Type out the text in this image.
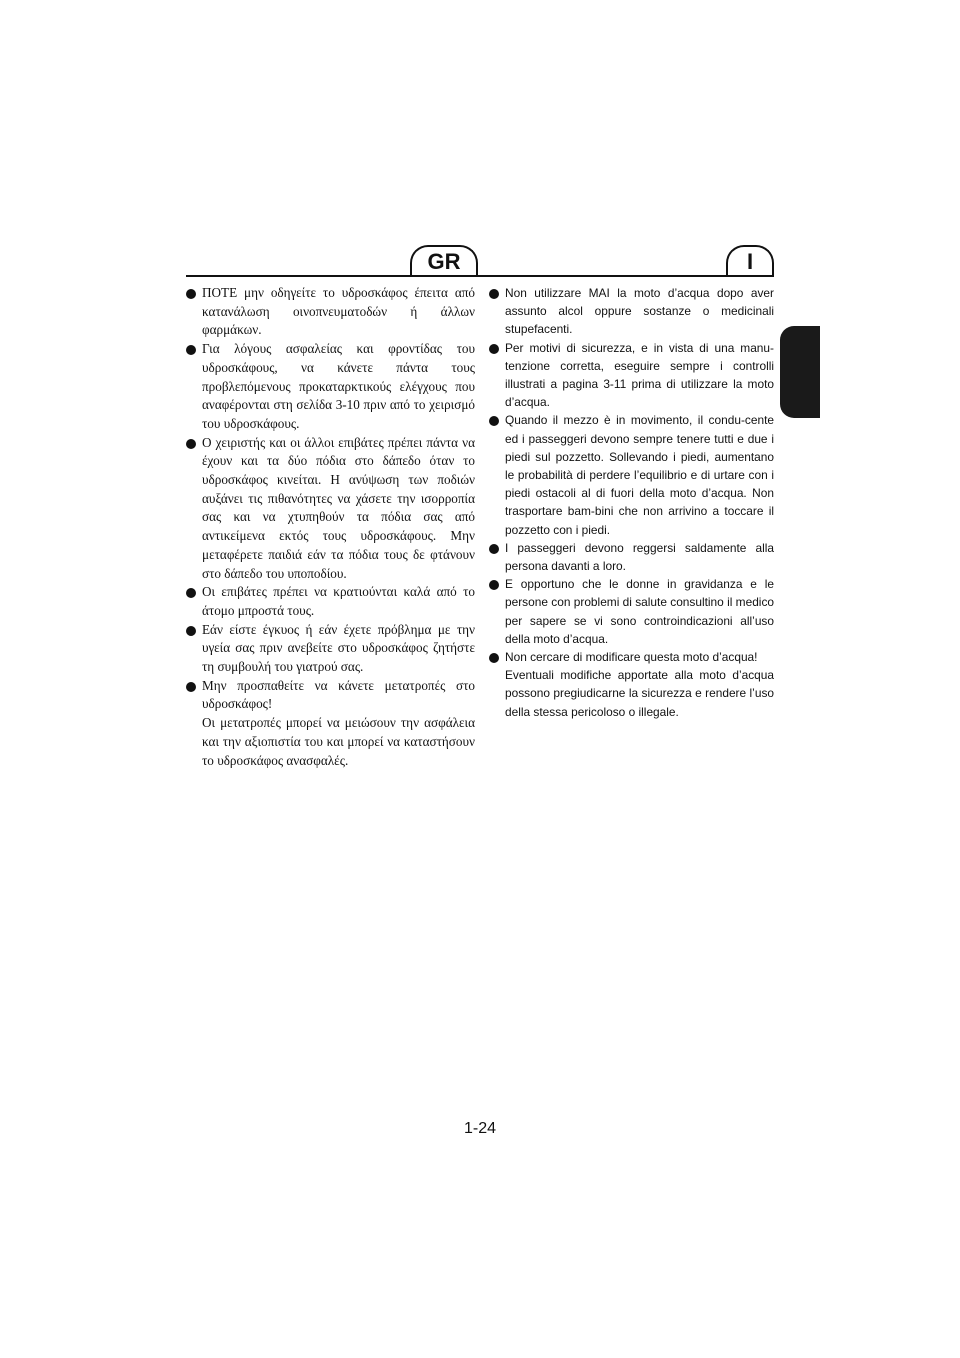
GR	I

ΠΟΤΕ μην οδηγείτε το υδροσκάφος έπειτα από κατανάλωση οινοπνευματοδών ή άλλων φαρμάκων.

Για λόγους ασφαλείας και φροντίδας του υδροσκάφους, να κάνετε πάντα τους προβλεπόμενους προκαταρκτικούς ελέγχους που αναφέρονται στη σελίδα 3-10 πριν από το χειρισμό του υδροσκάφους.

Ο χειριστής και οι άλλοι επιβάτες πρέπει πάντα να έχουν και τα δύο πόδια στο δάπεδο όταν το υδροσκάφος κινείται. Η ανύψωση των ποδιών αυξάνει τις πιθανότητες να χάσετε την ισορροπία σας και να χτυπηθούν τα πόδια σας από αντικείμενα εκτός τους υδροσκάφους. Μην μεταφέρετε παιδιά εάν τα πόδια τους δε φτάνουν στο δάπεδο του υποποδίου.

Οι επιβάτες πρέπει να κρατιούνται καλά από το άτομο μπροστά τους.

Εάν είστε έγκυος ή εάν έχετε πρόβλημα με την υγεία σας πριν ανεβείτε στο υδροσκάφος ζητήστε τη συμβουλή του γιατρού σας.

Μην προσπαθείτε να κάνετε μετατροπές στο υδροσκάφος!

Οι μετατροπές μπορεί να μειώσουν την ασφάλεια και την αξιοπιστία του και μπορεί να καταστήσουν το υδροσκάφος ανασφαλές.

Non utilizzare MAI la moto d’acqua dopo aver assunto alcol oppure sostanze o medicinali stupefacenti.

Per motivi di sicurezza, e in vista di una manu-tenzione corretta, eseguire sempre i controlli illustrati a pagina 3-11 prima di utilizzare la moto d’acqua.

Quando il mezzo è in movimento, il condu-cente ed i passeggeri devono sempre tenere tutti e due i piedi sul pozzetto. Sollevando i piedi, aumentano le probabilità di perdere l’equilibrio e di urtare con i piedi ostacoli al di fuori della moto d’acqua. Non trasportare bam-bini che non arrivino a toccare il pozzetto con i piedi.

I passeggeri devono reggersi saldamente alla persona davanti a loro.

E opportuno che le donne in gravidanza e le persone con problemi di salute consultino il medico per sapere se vi sono controindicazioni all’uso della moto d’acqua.

Non cercare di modificare questa moto d’acqua!

Eventuali modifiche apportate alla moto d’acqua possono pregiudicarne la sicurezza e rendere l’uso della stessa pericoloso o illegale.

1-24
